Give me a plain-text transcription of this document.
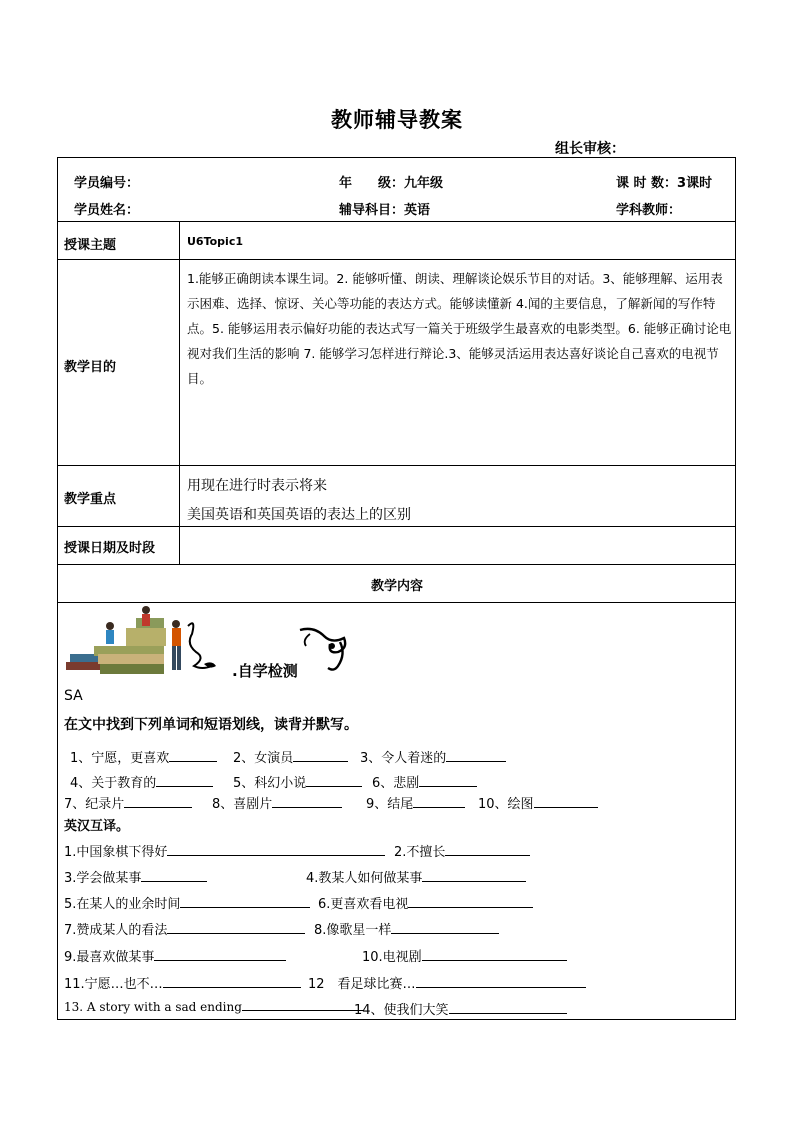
教师辅导教案
组长审核：
学员编号：	年　　级：九年级	课 时 数：3课时
学员姓名：	辅导科目：英语	学科教师：
授课主题	U6Topic1
教学目的
1.能够正确朗读本课生词。2. 能够听懂、朗读、理解谈论娱乐节目的对话。3、能够理解、运用表示困难、选择、惊讶、关心等功能的表达方式。能够读懂新 4.闻的主要信息，了解新闻的写作特点。5. 能够运用表示偏好功能的表达式写一篇关于班级学生最喜欢的电影类型。6. 能够正确讨论电视对我们生活的影响 7. 能够学习怎样进行辩论.3、能够灵活运用表达喜好谈论自己喜欢的电视节目。
教学重点
用现在进行时表示将来
美国英语和英国英语的表达上的区别
授课日期及时段
教学内容
.自学检测
SA
在文中找到下列单词和短语划线，读背并默写。
1、宁愿，更喜欢	2、女演员	3、令人着迷的
4、关于教育的	5、科幻小说	6、悲剧
7、纪录片	8、喜剧片	9、结尾	10、绘图
英汉互译。
1.中国象棋下得好	2.不擅长
3.学会做某事	4.教某人如何做某事
5.在某人的业余时间	6.更喜欢看电视
7.赞成某人的看法	8.像歌星一样
9.最喜欢做某事	10.电视剧
11.宁愿…也不…	12　看足球比赛…
13. A story with a sad ending	14、使我们大笑
